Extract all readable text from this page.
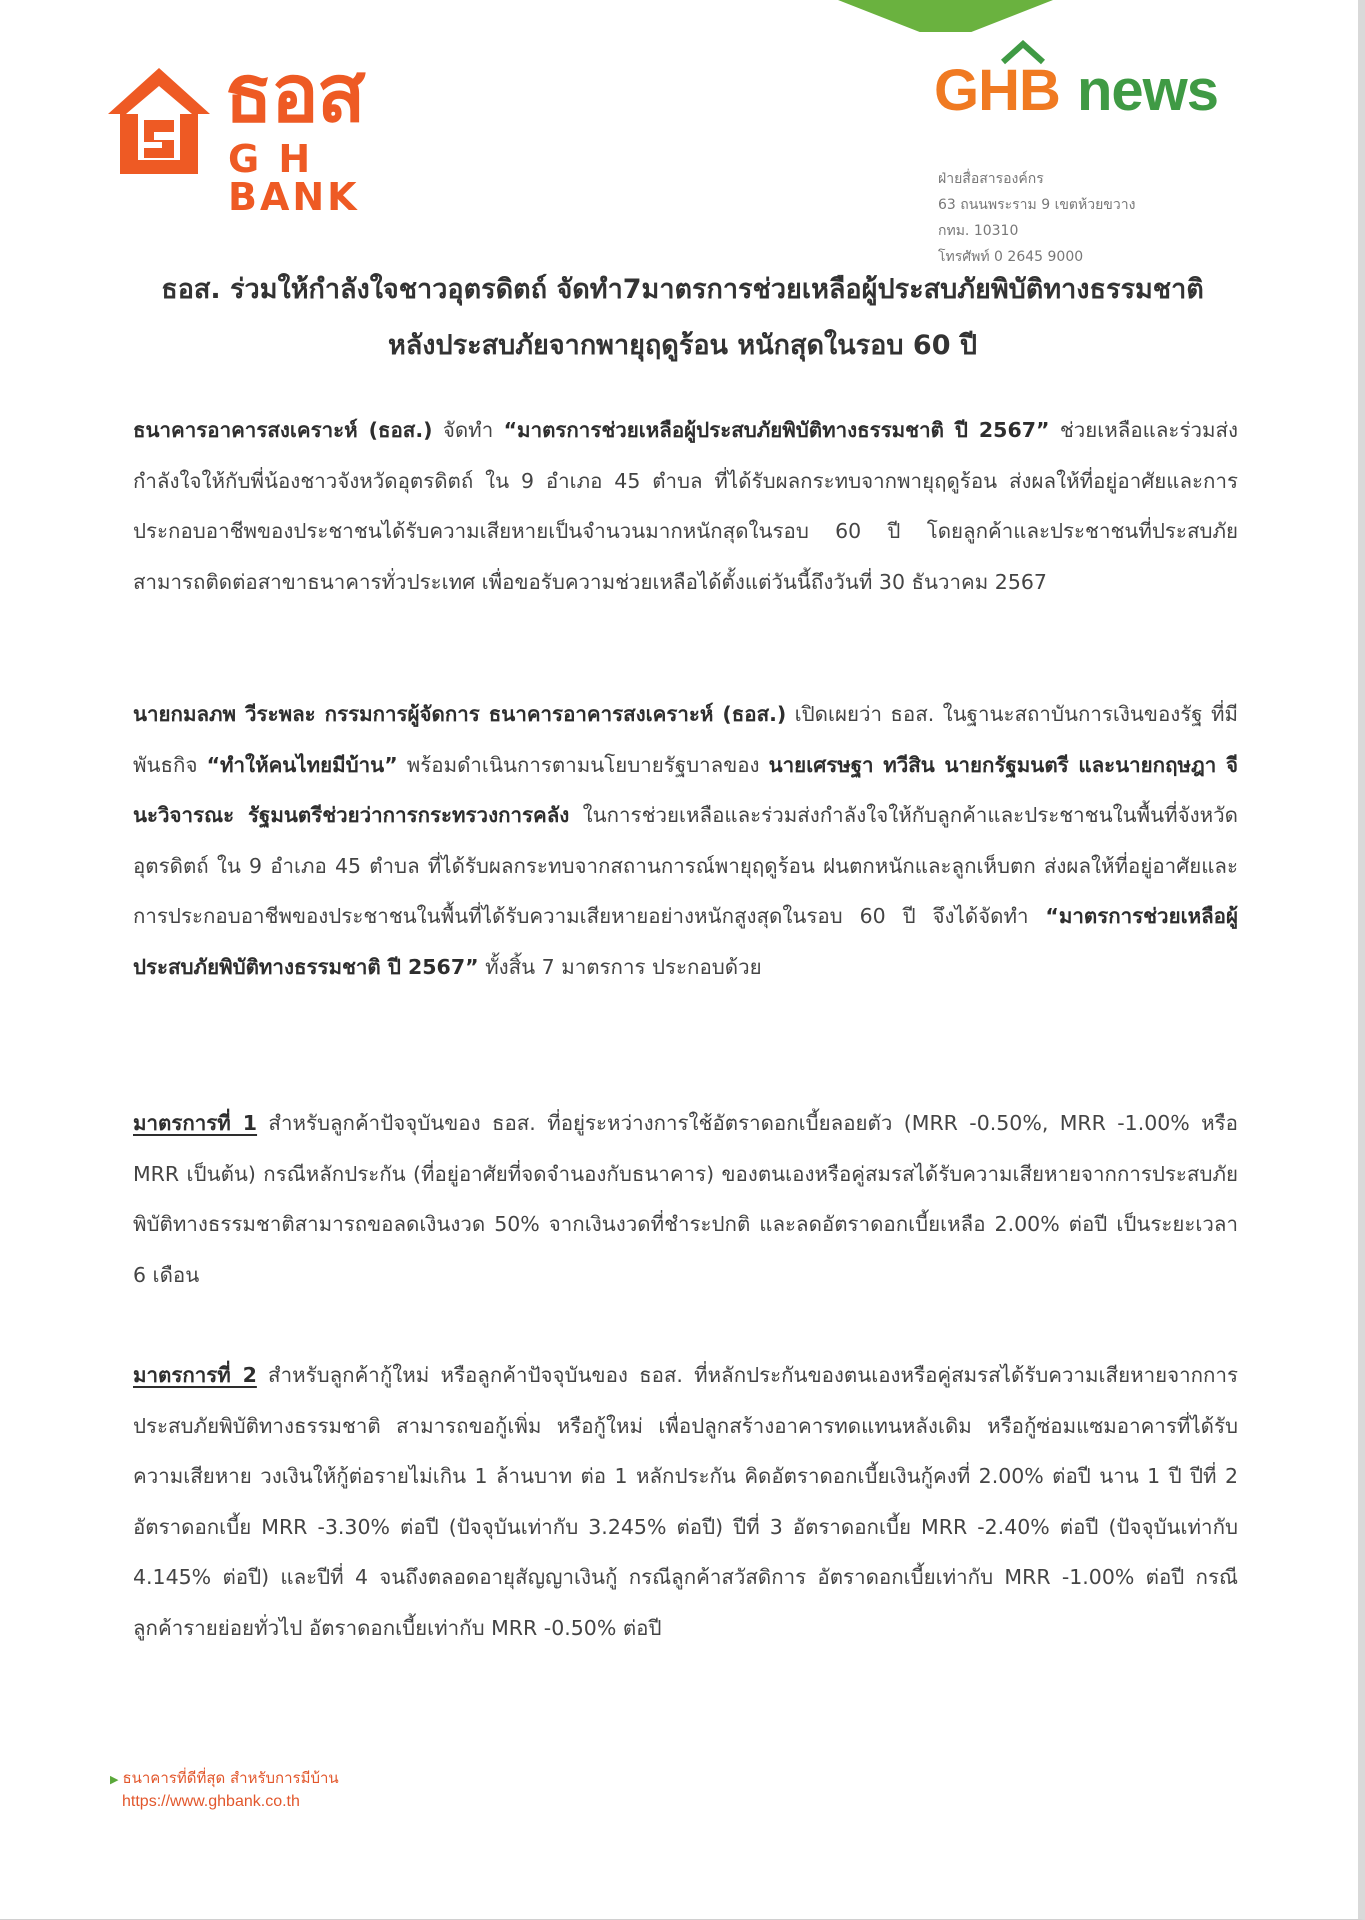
ธอส
G H BANK
GHB news
ฝ่ายสื่อสารองค์กร
63 ถนนพระราม 9 เขตห้วยขวาง
กทม. 10310
โทรศัพท์ 0 2645 9000
ธอส. ร่วมให้กำลังใจชาวอุตรดิตถ์ จัดทำ7มาตรการช่วยเหลือผู้ประสบภัยพิบัติทางธรรมชาติ
หลังประสบภัยจากพายุฤดูร้อน หนักสุดในรอบ 60 ปี

ธนาคารอาคารสงเคราะห์ (ธอส.) จัดทำ “มาตรการช่วยเหลือผู้ประสบภัยพิบัติทางธรรมชาติ ปี 2567” ช่วยเหลือและร่วมส่งกำลังใจให้กับพี่น้องชาวจังหวัดอุตรดิตถ์ ใน 9 อำเภอ 45 ตำบล ที่ได้รับผลกระทบจากพายุฤดูร้อน ส่งผลให้ที่อยู่อาศัยและการประกอบอาชีพของประชาชนได้รับความเสียหายเป็นจำนวนมากหนักสุดในรอบ 60 ปี โดยลูกค้าและประชาชนที่ประสบภัยสามารถติดต่อสาขาธนาคารทั่วประเทศ เพื่อขอรับความช่วยเหลือได้ตั้งแต่วันนี้ถึงวันที่ 30 ธันวาคม 2567

นายกมลภพ วีระพละ กรรมการผู้จัดการ ธนาคารอาคารสงเคราะห์ (ธอส.) เปิดเผยว่า ธอส. ในฐานะสถาบันการเงินของรัฐ ที่มีพันธกิจ “ทำให้คนไทยมีบ้าน” พร้อมดำเนินการตามนโยบายรัฐบาลของ นายเศรษฐา ทวีสิน นายกรัฐมนตรี และนายกฤษฎา จีนะวิจารณะ รัฐมนตรีช่วยว่าการกระทรวงการคลัง ในการช่วยเหลือและร่วมส่งกำลังใจให้กับลูกค้าและประชาชนในพื้นที่จังหวัดอุตรดิตถ์ ใน 9 อำเภอ 45 ตำบล ที่ได้รับผลกระทบจากสถานการณ์พายุฤดูร้อน ฝนตกหนักและลูกเห็บตก ส่งผลให้ที่อยู่อาศัยและการประกอบอาชีพของประชาชนในพื้นที่ได้รับความเสียหายอย่างหนักสูงสุดในรอบ 60 ปี จึงได้จัดทำ “มาตรการช่วยเหลือผู้ประสบภัยพิบัติทางธรรมชาติ ปี 2567” ทั้งสิ้น 7 มาตรการ ประกอบด้วย

มาตรการที่ 1 สำหรับลูกค้าปัจจุบันของ ธอส. ที่อยู่ระหว่างการใช้อัตราดอกเบี้ยลอยตัว (MRR -0.50%, MRR -1.00% หรือ MRR เป็นต้น) กรณีหลักประกัน (ที่อยู่อาศัยที่จดจำนองกับธนาคาร) ของตนเองหรือคู่สมรสได้รับความเสียหายจากการประสบภัยพิบัติทางธรรมชาติสามารถขอลดเงินงวด 50% จากเงินงวดที่ชำระปกติ และลดอัตราดอกเบี้ยเหลือ 2.00% ต่อปี เป็นระยะเวลา 6 เดือน

มาตรการที่ 2 สำหรับลูกค้ากู้ใหม่ หรือลูกค้าปัจจุบันของ ธอส. ที่หลักประกันของตนเองหรือคู่สมรสได้รับความเสียหายจากการประสบภัยพิบัติทางธรรมชาติ สามารถขอกู้เพิ่ม หรือกู้ใหม่ เพื่อปลูกสร้างอาคารทดแทนหลังเดิม หรือกู้ซ่อมแซมอาคารที่ได้รับความเสียหาย วงเงินให้กู้ต่อรายไม่เกิน 1 ล้านบาท ต่อ 1 หลักประกัน คิดอัตราดอกเบี้ยเงินกู้คงที่ 2.00% ต่อปี นาน 1 ปี ปีที่ 2 อัตราดอกเบี้ย MRR -3.30% ต่อปี (ปัจจุบันเท่ากับ 3.245% ต่อปี) ปีที่ 3 อัตราดอกเบี้ย MRR -2.40% ต่อปี (ปัจจุบันเท่ากับ 4.145% ต่อปี) และปีที่ 4 จนถึงตลอดอายุสัญญาเงินกู้ กรณีลูกค้าสวัสดิการ อัตราดอกเบี้ยเท่ากับ MRR -1.00% ต่อปี กรณีลูกค้ารายย่อยทั่วไป อัตราดอกเบี้ยเท่ากับ MRR -0.50% ต่อปี

▶ ธนาคารที่ดีที่สุด สำหรับการมีบ้าน
https://www.ghbank.co.th
